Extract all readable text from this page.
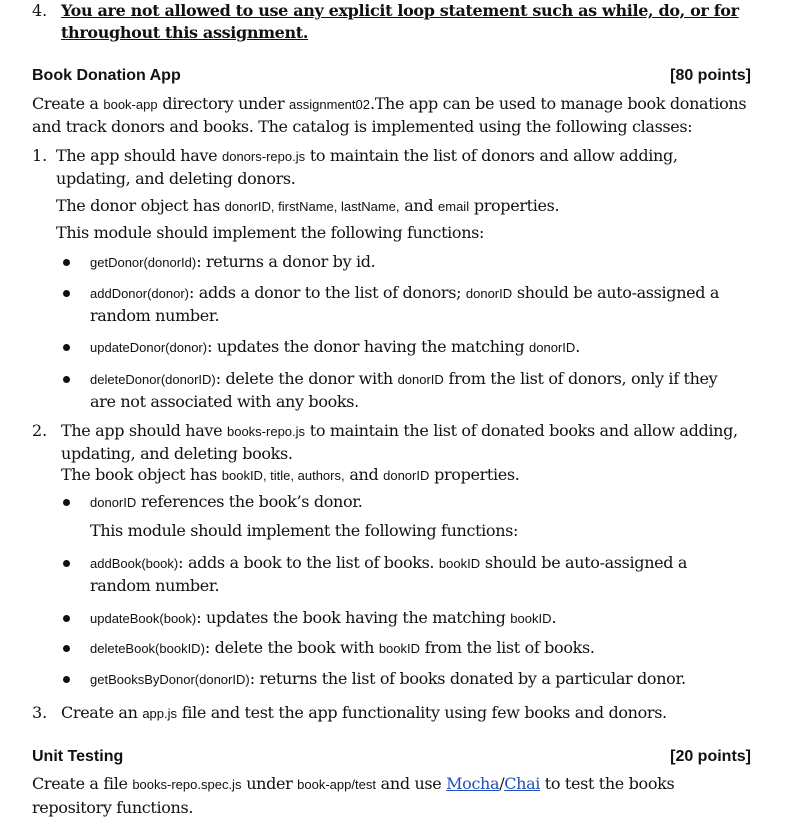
4. You are not allowed to use any explicit loop statement such as while, do, or for
throughout this assignment.
Book Donation App	[80 points]
Create a book-app directory under assignment02.The app can be used to manage book donations
and track donors and books. The catalog is implemented using the following classes:
1. The app should have donors-repo.js to maintain the list of donors and allow adding,
updating, and deleting donors.
The donor object has donorID, firstName, lastName, and email properties.
This module should implement the following functions:
getDonor(donorId): returns a donor by id.
addDonor(donor): adds a donor to the list of donors; donorID should be auto-assigned a
random number.
updateDonor(donor): updates the donor having the matching donorID.
deleteDonor(donorID): delete the donor with donorID from the list of donors, only if they
are not associated with any books.
2. The app should have books-repo.js to maintain the list of donated books and allow adding,
updating, and deleting books.
The book object has bookID, title, authors, and donorID properties.
donorID references the book’s donor.
This module should implement the following functions:
addBook(book): adds a book to the list of books. bookID should be auto-assigned a
random number.
updateBook(book): updates the book having the matching bookID.
deleteBook(bookID): delete the book with bookID from the list of books.
getBooksByDonor(donorID): returns the list of books donated by a particular donor.
3. Create an app.js file and test the app functionality using few books and donors.
Unit Testing	[20 points]
Create a file books-repo.spec.js under book-app/test and use Mocha/Chai to test the books
repository functions.
